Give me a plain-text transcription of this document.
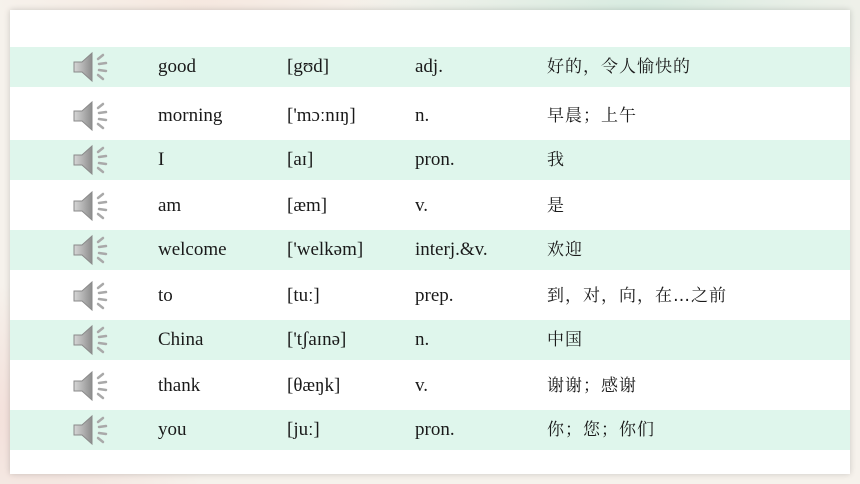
good	[gʊd]	adj.	好的，令人愉快的
morning	['mɔːnɪŋ]	n.	早晨；上午
I	[aɪ]	pron.	我
am	[æm]	v.	是
welcome	['welkəm]	interj.&v.	欢迎
to	[tuː]	prep.	到，对，向，在…之前
China	['tʃaɪnə]	n.	中国
thank	[θæŋk]	v.	谢谢；感谢
you	[juː]	pron.	你；您；你们
